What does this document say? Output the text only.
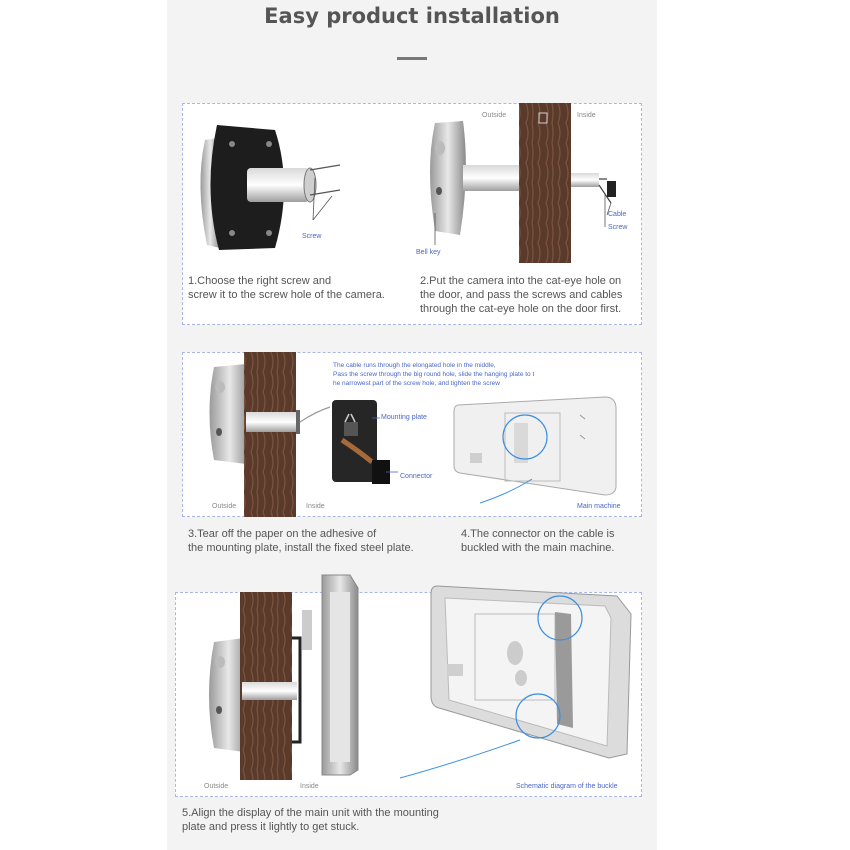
Easy product installation
Screw
1.Choose the right screw and
screw it to the screw hole of the camera.
Outside	Inside
Bell key
Cable
Screw
2.Put the camera into the cat-eye hole on
the door, and pass the screws and cables
through the cat-eye hole on the door first.
The cable runs through the elongated hole in the middle,
Pass the screw through the big round hole, slide the hanging plate to t
he narrowest part of the screw hole, and tighten the screw
Mounting plate
Connector
Main machine
Outside	Inside
3.Tear off the paper on the adhesive of
the mounting plate, install the fixed steel plate.
4.The connector on the cable is
buckled with the main machine.
Outside	Inside	Schematic diagram of the buckle
5.Align the display of the main unit with the mounting
plate and press it lightly to get stuck.
